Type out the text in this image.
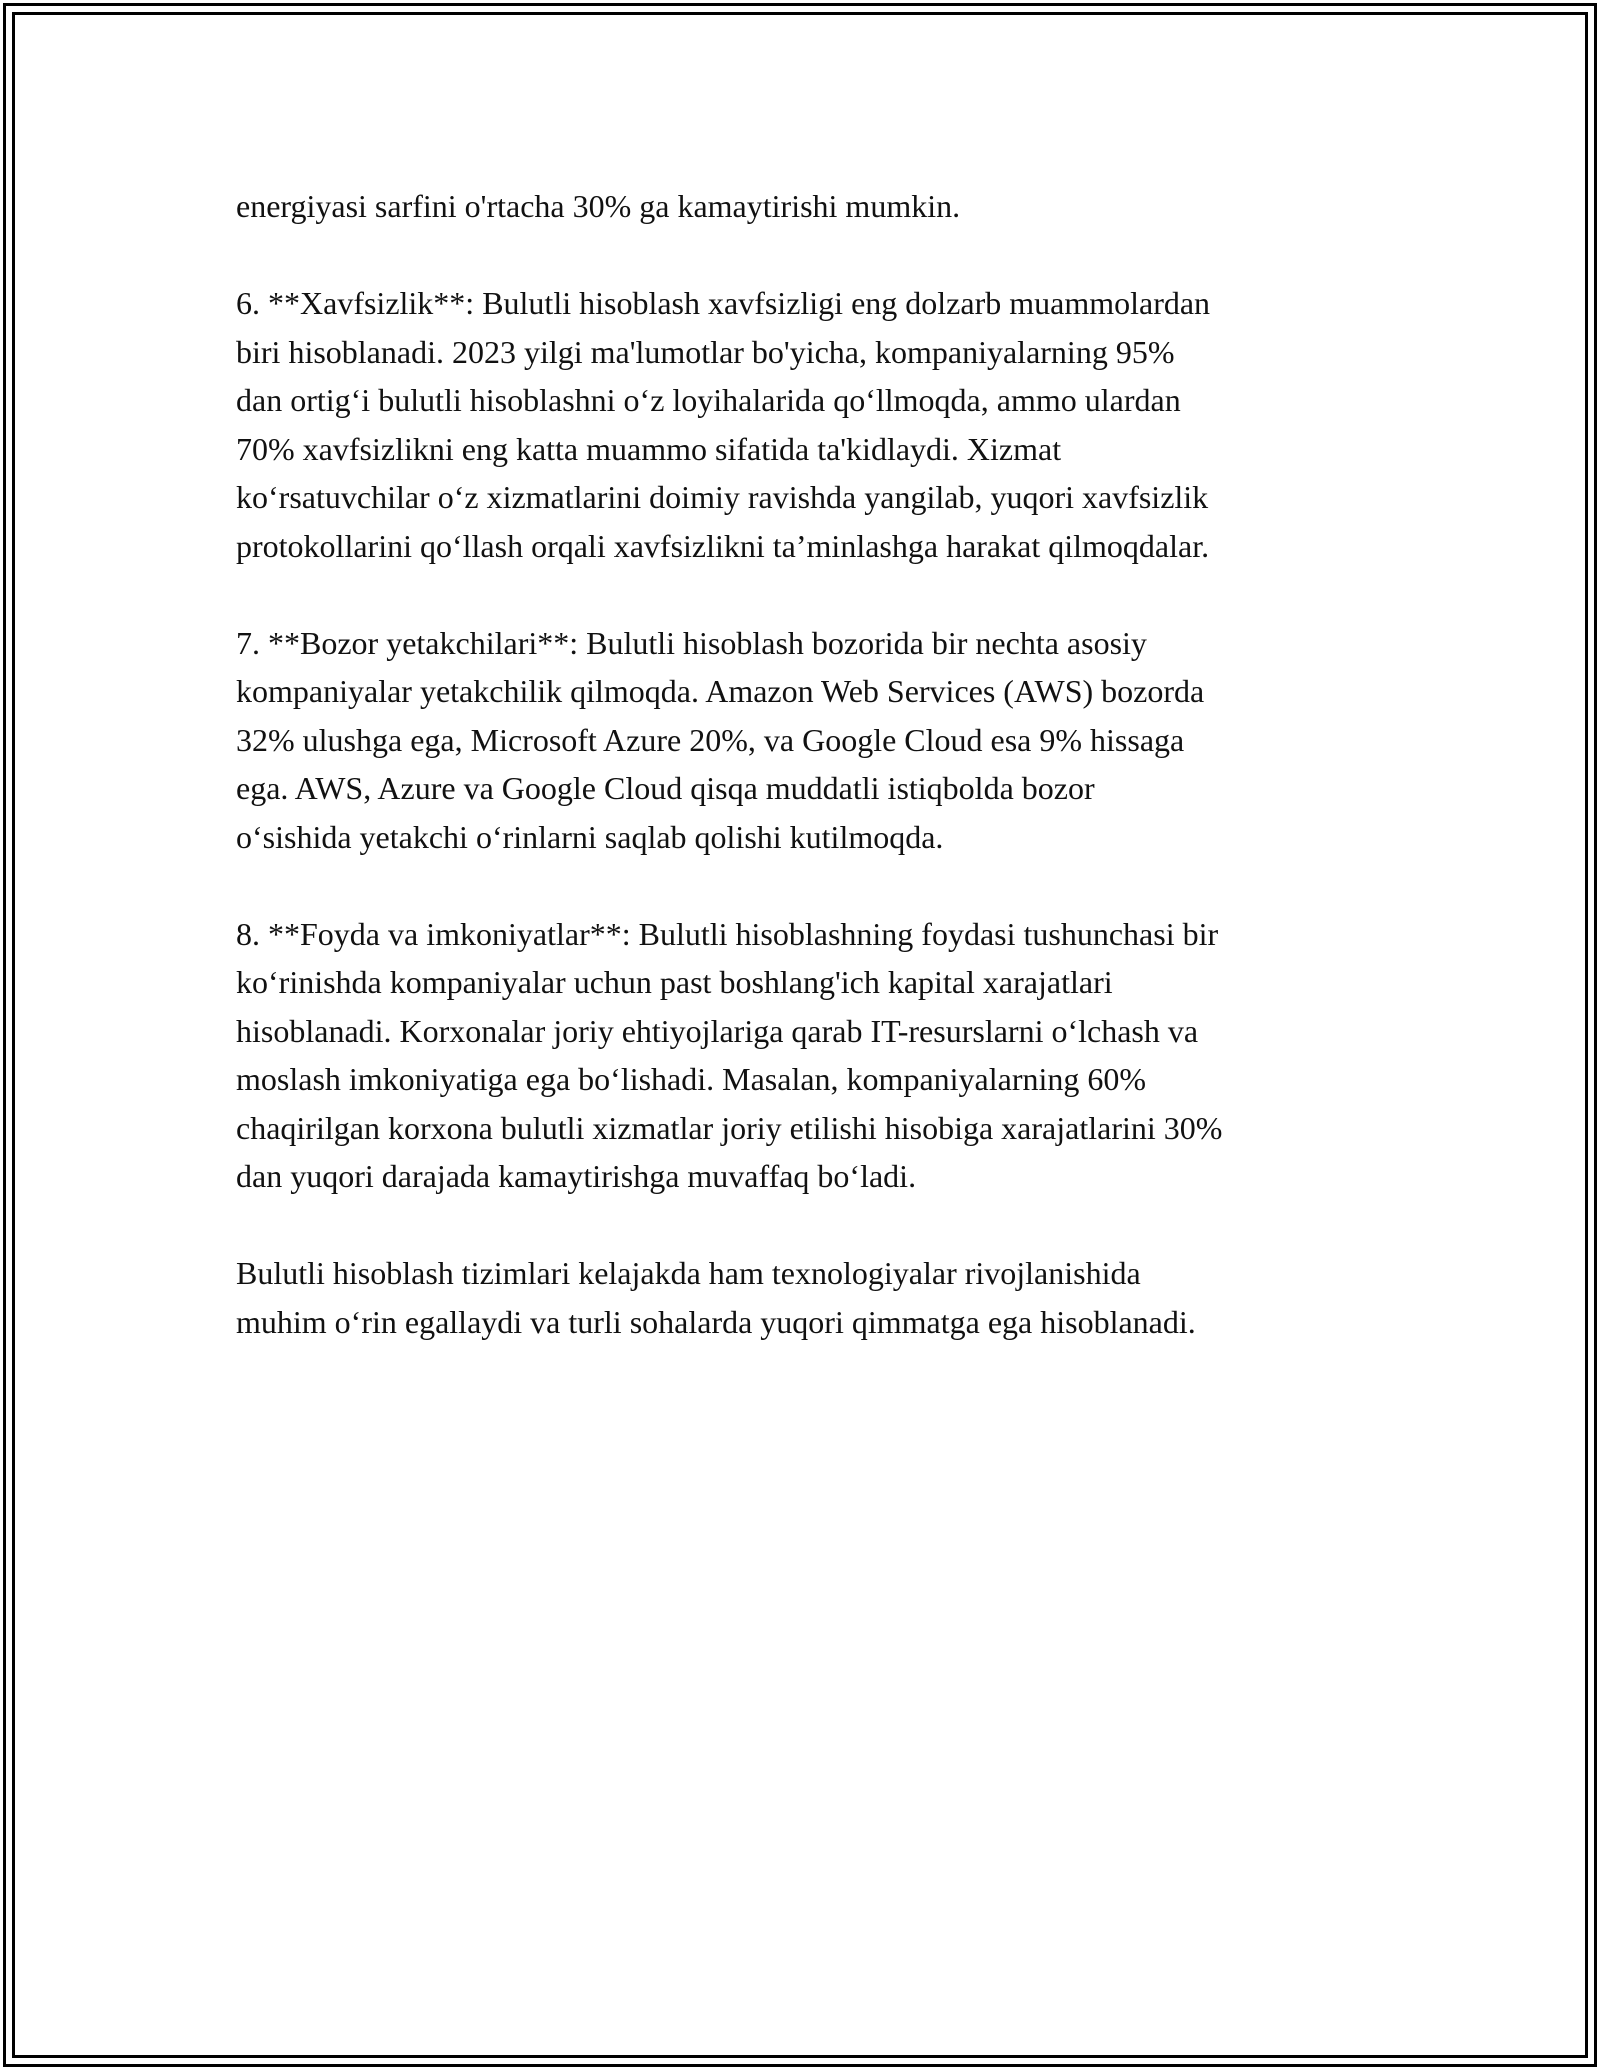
energiyasi sarfini o'rtacha 30% ga kamaytirishi mumkin.

6. **Xavfsizlik**: Bulutli hisoblash xavfsizligi eng dolzarb muammolardan
biri hisoblanadi. 2023 yilgi ma'lumotlar bo'yicha, kompaniyalarning 95%
dan ortigʻi bulutli hisoblashni oʻz loyihalarida qoʻllmoqda, ammo ulardan
70% xavfsizlikni eng katta muammo sifatida ta'kidlaydi. Xizmat
koʻrsatuvchilar oʻz xizmatlarini doimiy ravishda yangilab, yuqori xavfsizlik
protokollarini qoʻllash orqali xavfsizlikni taʼminlashga harakat qilmoqdalar.

7. **Bozor yetakchilari**: Bulutli hisoblash bozorida bir nechta asosiy
kompaniyalar yetakchilik qilmoqda. Amazon Web Services (AWS) bozorda
32% ulushga ega, Microsoft Azure 20%, va Google Cloud esa 9% hissaga
ega. AWS, Azure va Google Cloud qisqa muddatli istiqbolda bozor
oʻsishida yetakchi oʻrinlarni saqlab qolishi kutilmoqda.

8. **Foyda va imkoniyatlar**: Bulutli hisoblashning foydasi tushunchasi bir
koʻrinishda kompaniyalar uchun past boshlang'ich kapital xarajatlari
hisoblanadi. Korxonalar joriy ehtiyojlariga qarab IT-resurslarni oʻlchash va
moslash imkoniyatiga ega boʻlishadi. Masalan, kompaniyalarning 60%
chaqirilgan korxona bulutli xizmatlar joriy etilishi hisobiga xarajatlarini 30%
dan yuqori darajada kamaytirishga muvaffaq boʻladi.

Bulutli hisoblash tizimlari kelajakda ham texnologiyalar rivojlanishida
muhim oʻrin egallaydi va turli sohalarda yuqori qimmatga ega hisoblanadi.
